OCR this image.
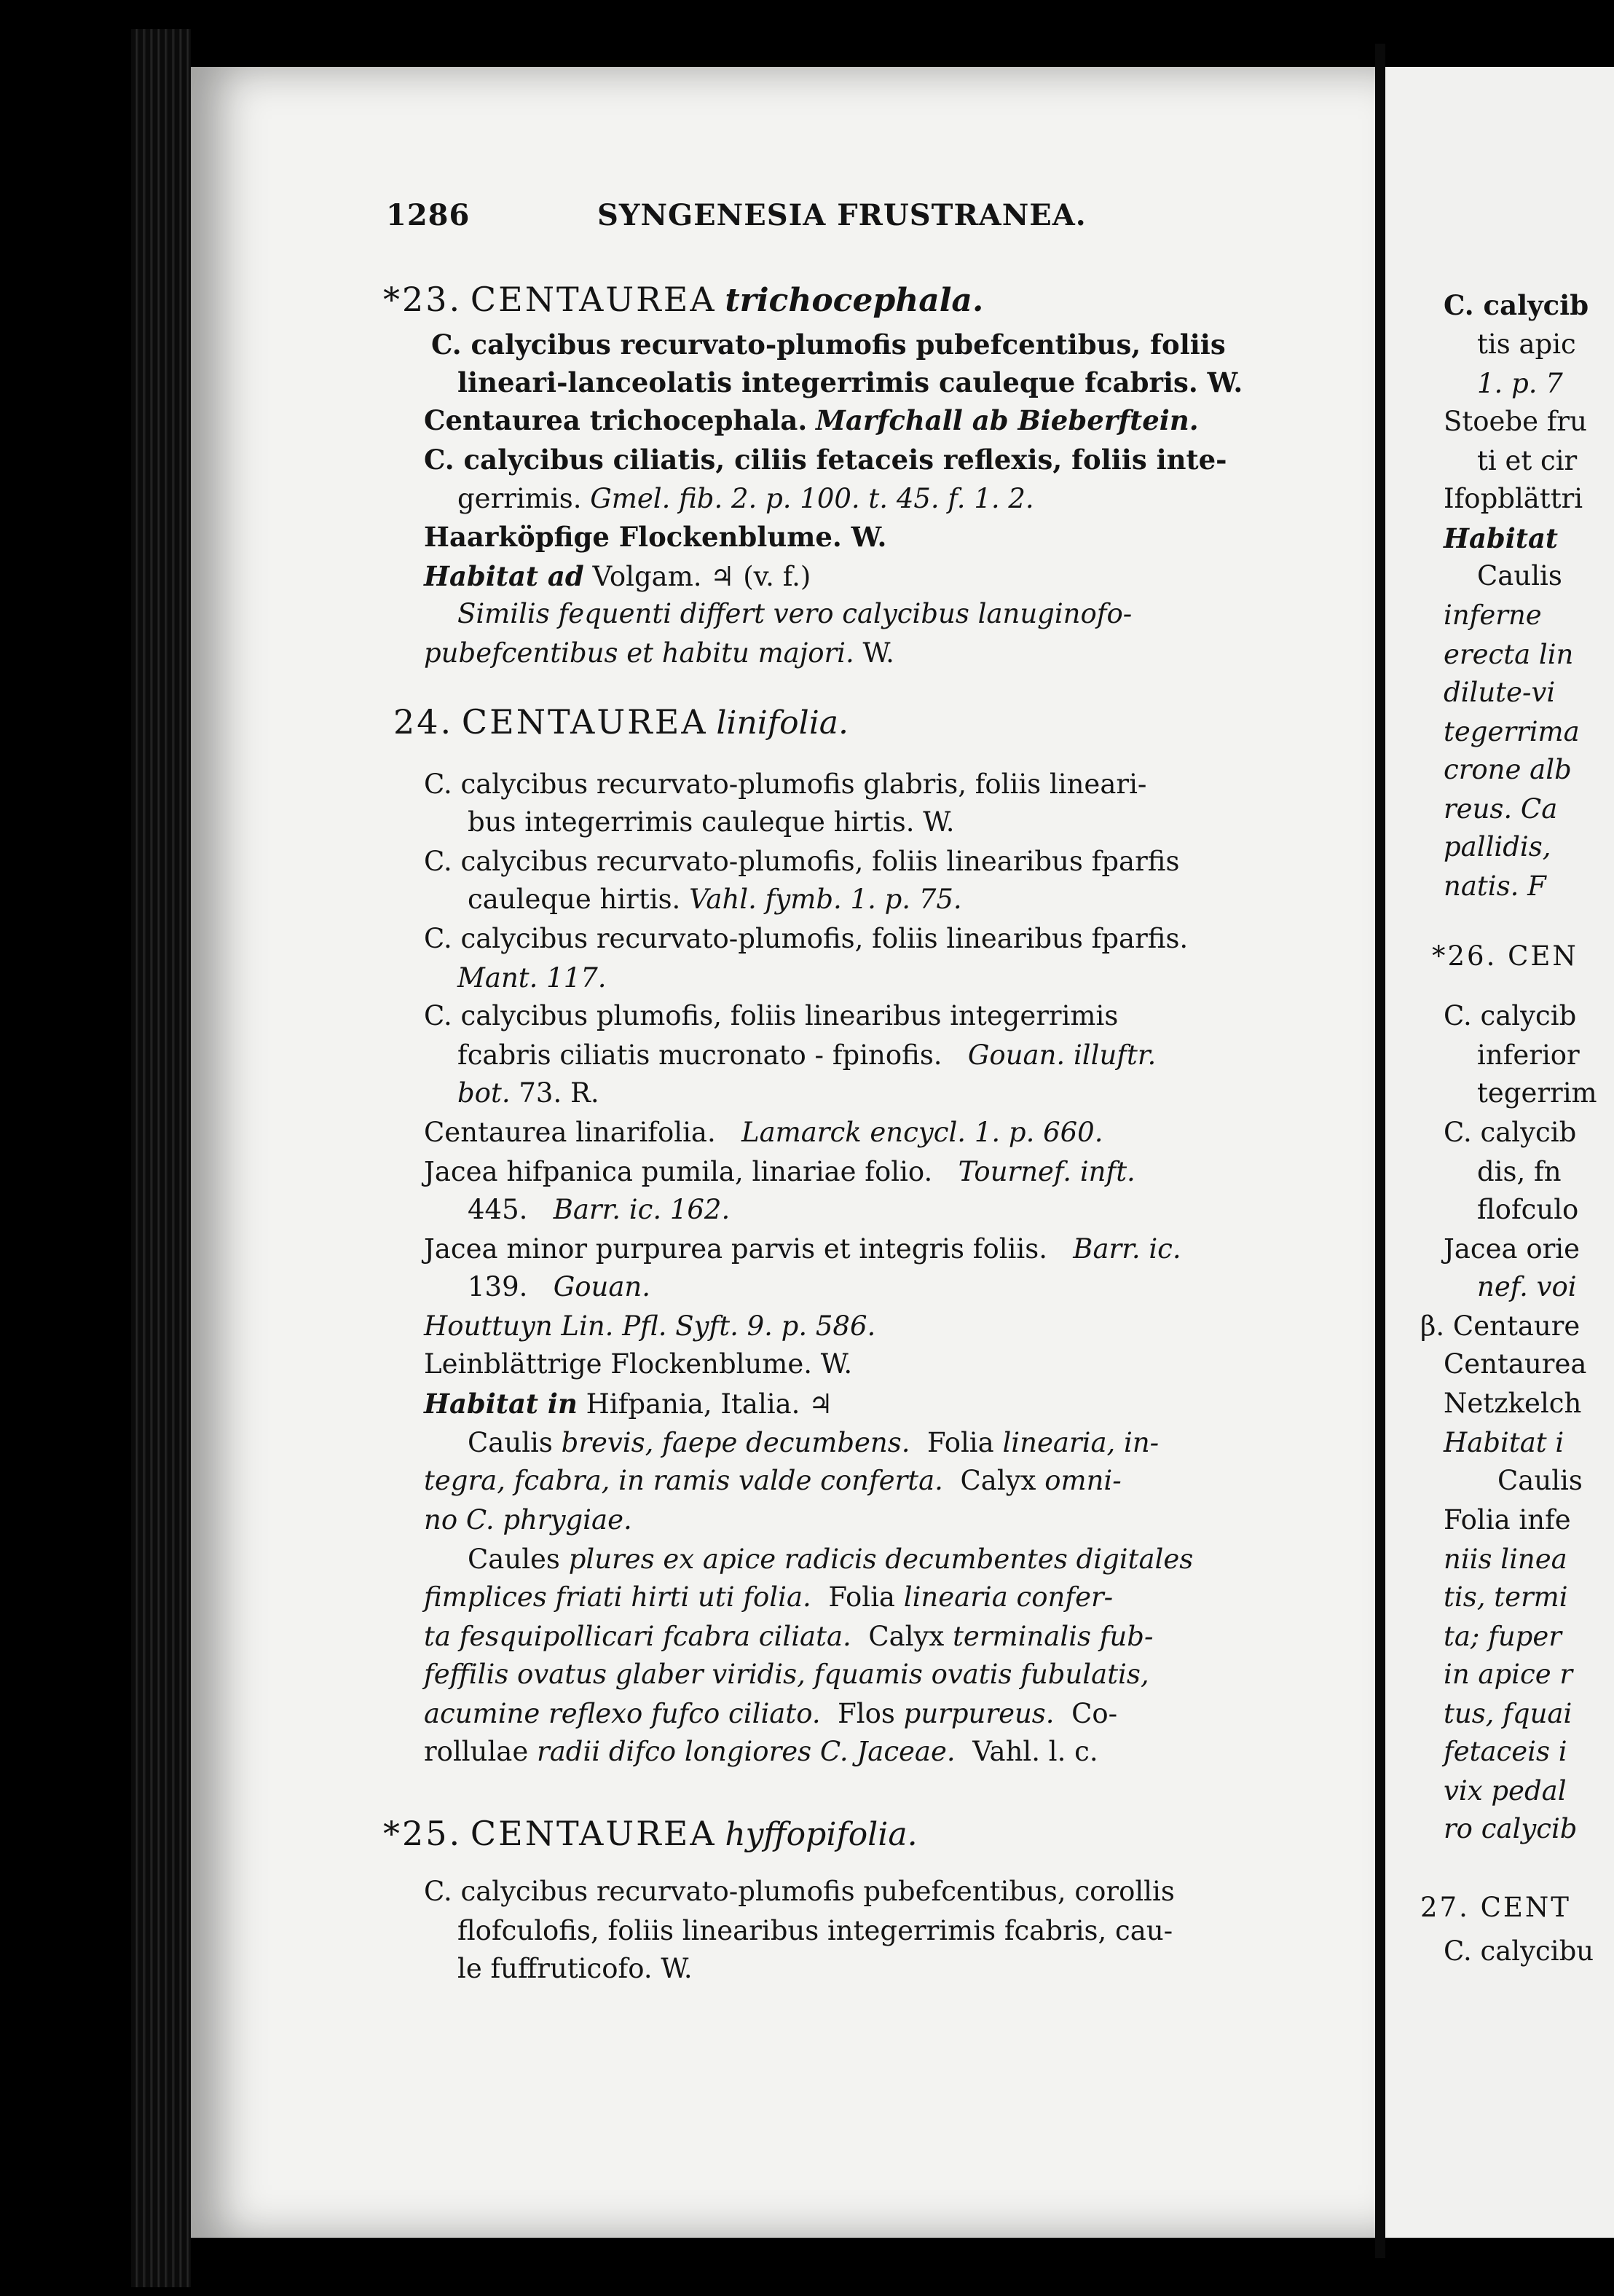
1286	SYNGENESIA FRUSTRANEA.
*23. CENTAUREA trichocephala.
C. calycibus recurvato-plumofis pubefcentibus, foliis
lineari-lanceolatis integerrimis cauleque fcabris. W.
Centaurea trichocephala. Marfchall ab Bieberftein.
C. calycibus ciliatis, ciliis fetaceis reflexis, foliis inte-
gerrimis. Gmel. fib. 2. p. 100. t. 45. f. 1. 2.
Haarköpfige Flockenblume. W.
Habitat ad Volgam. ♃ (v. f.)
Similis fequenti differt vero calycibus lanuginofo-
pubefcentibus et habitu majori. W.
24. CENTAUREA linifolia.
C. calycibus recurvato-plumofis glabris, foliis lineari-
bus integerrimis cauleque hirtis. W.
C. calycibus recurvato-plumofis, foliis linearibus fparfis
cauleque hirtis. Vahl. fymb. 1. p. 75.
C. calycibus recurvato-plumofis, foliis linearibus fparfis.
Mant. 117.
C. calycibus plumofis, foliis linearibus integerrimis
fcabris ciliatis mucronato - fpinofis. Gouan. illuftr.
bot. 73. R.
Centaurea linarifolia. Lamarck encycl. 1. p. 660.
Jacea hifpanica pumila, linariae folio. Tournef. inft.
445. Barr. ic. 162.
Jacea minor purpurea parvis et integris foliis. Barr. ic.
139. Gouan.
Houttuyn Lin. Pfl. Syft. 9. p. 586.
Leinblättrige Flockenblume. W.
Habitat in Hifpania, Italia. ♃
Caulis brevis, faepe decumbens. Folia linearia, in-
tegra, fcabra, in ramis valde conferta. Calyx omni-
no C. phrygiae.
Caules plures ex apice radicis decumbentes digitales
fimplices friati hirti uti folia. Folia linearia confer-
ta fesquipollicari fcabra ciliata. Calyx terminalis fub-
feffilis ovatus glaber viridis, fquamis ovatis fubulatis,
acumine reflexo fufco ciliato. Flos purpureus. Co-
rollulae radii difco longiores C. Jaceae. Vahl. l. c.
*25. CENTAUREA hyffopifolia.
C. calycibus recurvato-plumofis pubefcentibus, corollis
flofculofis, foliis linearibus integerrimis fcabris, cau-
le fuffruticofo. W.
C. calycib
tis apic
1. p. 7
Stoebe fru
ti et cir
Ifopblättri
Habitat
Caulis
inferne
erecta lin
dilute-vi
tegerrima
crone alb
reus. Ca
pallidis,
natis. F
*26. CEN
C. calycib
inferior
tegerrim
C. calycib
dis, fn
flofculo
Jacea orie
nef. voi
β. Centaure
Centaurea
Netzkelch
Habitat i
Caulis
Folia infe
niis linea
tis, termi
ta; fuper
in apice r
tus, fquai
fetaceis i
vix pedal
ro calycib
27. CENT
C. calycibu
